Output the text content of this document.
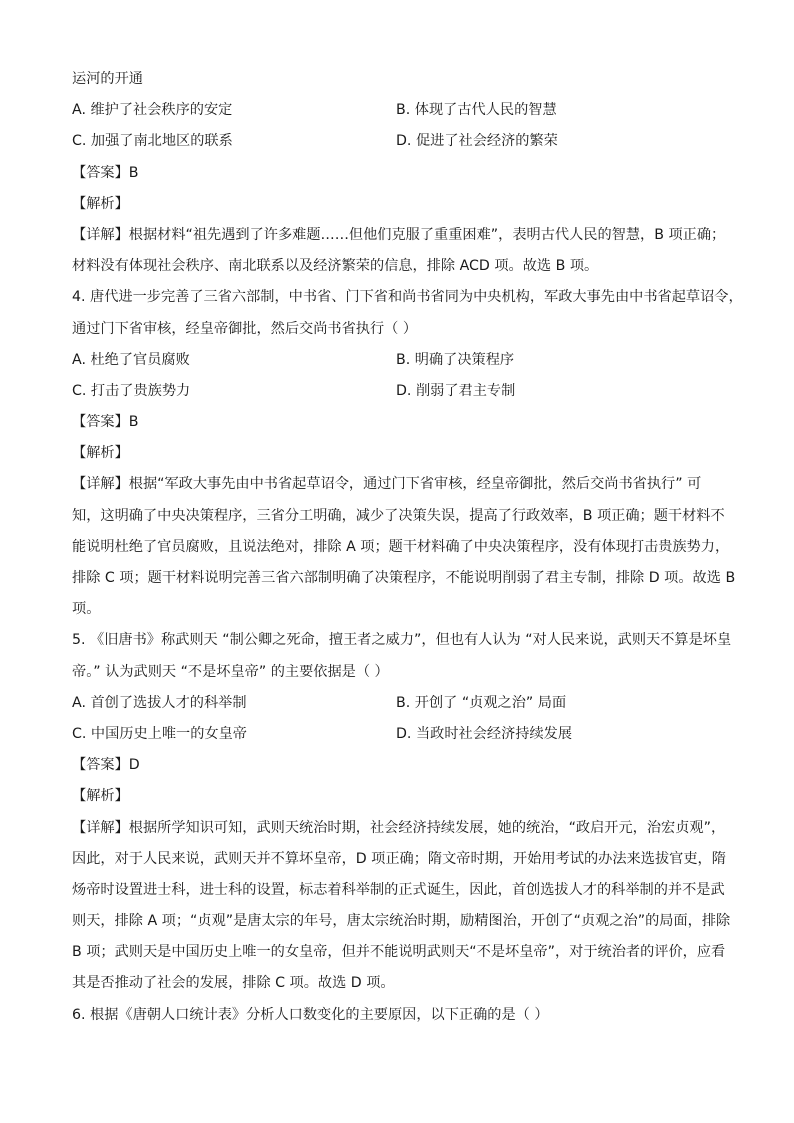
运河的开通
A. 维护了社会秩序的安定	B. 体现了古代人民的智慧
C. 加强了南北地区的联系	D. 促进了社会经济的繁荣
【答案】B
【解析】
【详解】根据材料“祖先遇到了许多难题……但他们克服了重重困难”，表明古代人民的智慧，B 项正确；
材料没有体现社会秩序、南北联系以及经济繁荣的信息，排除 ACD 项。故选 B 项。
4. 唐代进一步完善了三省六部制，中书省、门下省和尚书省同为中央机构，军政大事先由中书省起草诏令，
通过门下省审核，经皇帝御批，然后交尚书省执行（ ）
A. 杜绝了官员腐败	B. 明确了决策程序
C. 打击了贵族势力	D. 削弱了君主专制
【答案】B
【解析】
【详解】根据“军政大事先由中书省起草诏令，通过门下省审核，经皇帝御批，然后交尚书省执行” 可
知，这明确了中央决策程序，三省分工明确，减少了决策失误，提高了行政效率，B 项正确；题干材料不
能说明杜绝了官员腐败，且说法绝对，排除 A 项；题干材料确了中央决策程序，没有体现打击贵族势力，
排除 C 项；题干材料说明完善三省六部制明确了决策程序，不能说明削弱了君主专制，排除 D 项。故选 B
项。
5. 《旧唐书》称武则天 “制公卿之死命，擅王者之威力”，但也有人认为 “对人民来说，武则天不算是坏皇
帝。” 认为武则天 “不是坏皇帝” 的主要依据是（ ）
A. 首创了选拔人才的科举制	B. 开创了 “贞观之治” 局面
C. 中国历史上唯一的女皇帝	D. 当政时社会经济持续发展
【答案】D
【解析】
【详解】根据所学知识可知，武则天统治时期，社会经济持续发展，她的统治，“政启开元，治宏贞观”，
因此，对于人民来说，武则天并不算坏皇帝，D 项正确；隋文帝时期，开始用考试的办法来选拔官吏，隋
炀帝时设置进士科，进士科的设置，标志着科举制的正式诞生，因此，首创选拔人才的科举制的并不是武
则天，排除 A 项；“贞观”是唐太宗的年号，唐太宗统治时期，励精图治，开创了“贞观之治”的局面，排除
B 项；武则天是中国历史上唯一的女皇帝，但并不能说明武则天“不是坏皇帝”，对于统治者的评价，应看
其是否推动了社会的发展，排除 C 项。故选 D 项。
6. 根据《唐朝人口统计表》分析人口数变化的主要原因，以下正确的是（ ）
